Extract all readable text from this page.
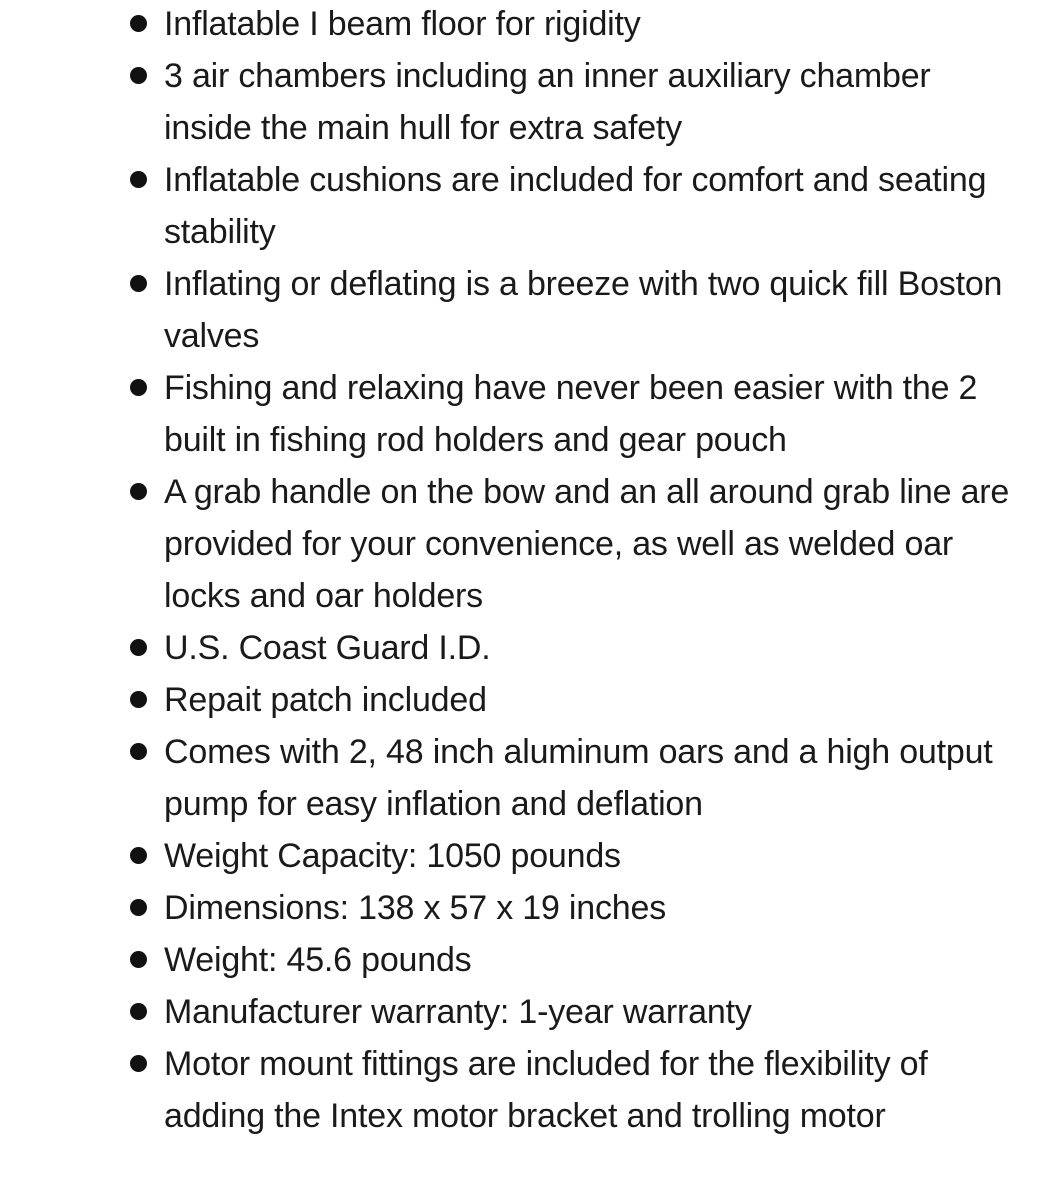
Inflatable I beam floor for rigidity
3 air chambers including an inner auxiliary chamber inside the main hull for extra safety
Inflatable cushions are included for comfort and seating stability
Inflating or deflating is a breeze with two quick fill Boston valves
Fishing and relaxing have never been easier with the 2 built in fishing rod holders and gear pouch
A grab handle on the bow and an all around grab line are provided for your convenience, as well as welded oar locks and oar holders
U.S. Coast Guard I.D.
Repait patch included
Comes with 2, 48 inch aluminum oars and a high output pump for easy inflation and deflation
Weight Capacity: 1050 pounds
Dimensions: 138 x 57 x 19 inches
Weight: 45.6 pounds
Manufacturer warranty: 1-year warranty
Motor mount fittings are included for the flexibility of adding the Intex motor bracket and trolling motor
